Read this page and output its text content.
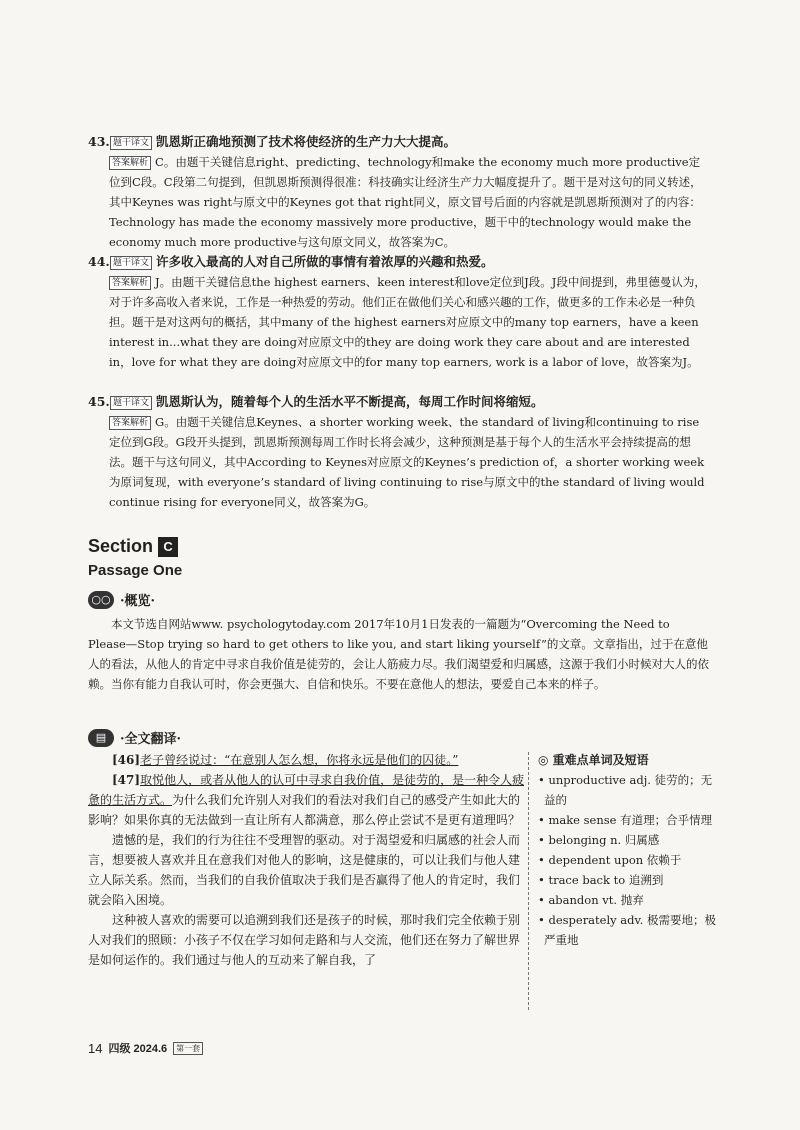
43. 题干译文 凯恩斯正确地预测了技术将使经济的生产力大大提高。
答案解析 C。由题干关键信息right、predicting、technology和make the economy much more productive定位到C段。C段第二句提到，但凯恩斯预测得很准：科技确实让经济生产力大幅度提升了。题干是对这句的同义转述，其中Keynes was right与原文中的Keynes got that right同义，原文冒号后面的内容就是凯恩斯预测对了的内容：Technology has made the economy massively more productive，题干中的technology would make the economy much more productive与这句原文同义，故答案为C。
44. 题干译文 许多收入最高的人对自己所做的事情有着浓厚的兴趣和热爱。
答案解析 J。由题干关键信息the highest earners、keen interest和love定位到J段。J段中间提到，弗里德曼认为，对于许多高收入者来说，工作是一种热爱的劳动。他们正在做他们关心和感兴趣的工作，做更多的工作未必是一种负担。题干是对这两句的概括，其中many of the highest earners对应原文中的many top earners，have a keen interest in...what they are doing对应原文中的they are doing work they care about and are interested in，love for what they are doing对应原文中的for many top earners, work is a labor of love，故答案为J。
45. 题干译文 凯恩斯认为，随着每个人的生活水平不断提高，每周工作时间将缩短。
答案解析 G。由题干关键信息Keynes、a shorter working week、the standard of living和continuing to rise定位到G段。G段开头提到，凯恩斯预测每周工作时长将会减少，这种预测是基于每个人的生活水平会持续提高的想法。题干与这句同义，其中According to Keynes对应原文的Keynes’s prediction of，a shorter working week为原词复现，with everyone’s standard of living continuing to rise与原文中的the standard of living would continue rising for everyone同义，故答案为G。
Section C
Passage One
○○ ·概览·
本文节选自网站www. psychologytoday.com 2017年10月1日发表的一篇题为“Overcoming the Need to Please—Stop trying so hard to get others to like you, and start liking yourself”的文章。文章指出，过于在意他人的看法，从他人的肯定中寻求自我价值是徒劳的，会让人筋疲力尽。我们渴望爱和归属感，这源于我们小时候对大人的依赖。当你有能力自我认可时，你会更强大、自信和快乐。不要在意他人的想法，要爱自己本来的样子。
▤	·全文翻译·

[46]老子曾经说过：“在意别人怎么想，你将永远是他们的囚徒。”

[47]取悦他人，或者从他人的认可中寻求自我价值，是徒劳的，是一种令人疲惫的生活方式。为什么我们允许别人对我们的看法对我们自己的感受产生如此大的影响？如果你真的无法做到一直让所有人都满意，那么停止尝试不是更有道理吗？

遗憾的是，我们的行为往往不受理智的驱动。对于渴望爱和归属感的社会人而言，想要被人喜欢并且在意我们对他人的影响，这是健康的，可以让我们与他人建立人际关系。然而，当我们的自我价值取决于我们是否赢得了他人的肯定时，我们就会陷入困境。

这种被人喜欢的需要可以追溯到我们还是孩子的时候，那时我们完全依赖于别人对我们的照顾：小孩子不仅在学习如何走路和与人交流，他们还在努力了解世界是如何运作的。我们通过与他人的互动来了解自我，了

◎ 重难点单词及短语
• unproductive adj. 徒劳的；无益的
• make sense 有道理；合乎情理
• belonging n. 归属感
• dependent upon 依赖于
• trace back to 追溯到
• abandon vt. 抛弃
• desperately adv. 极需要地；极严重地
14 四级 2024.6	第一套
